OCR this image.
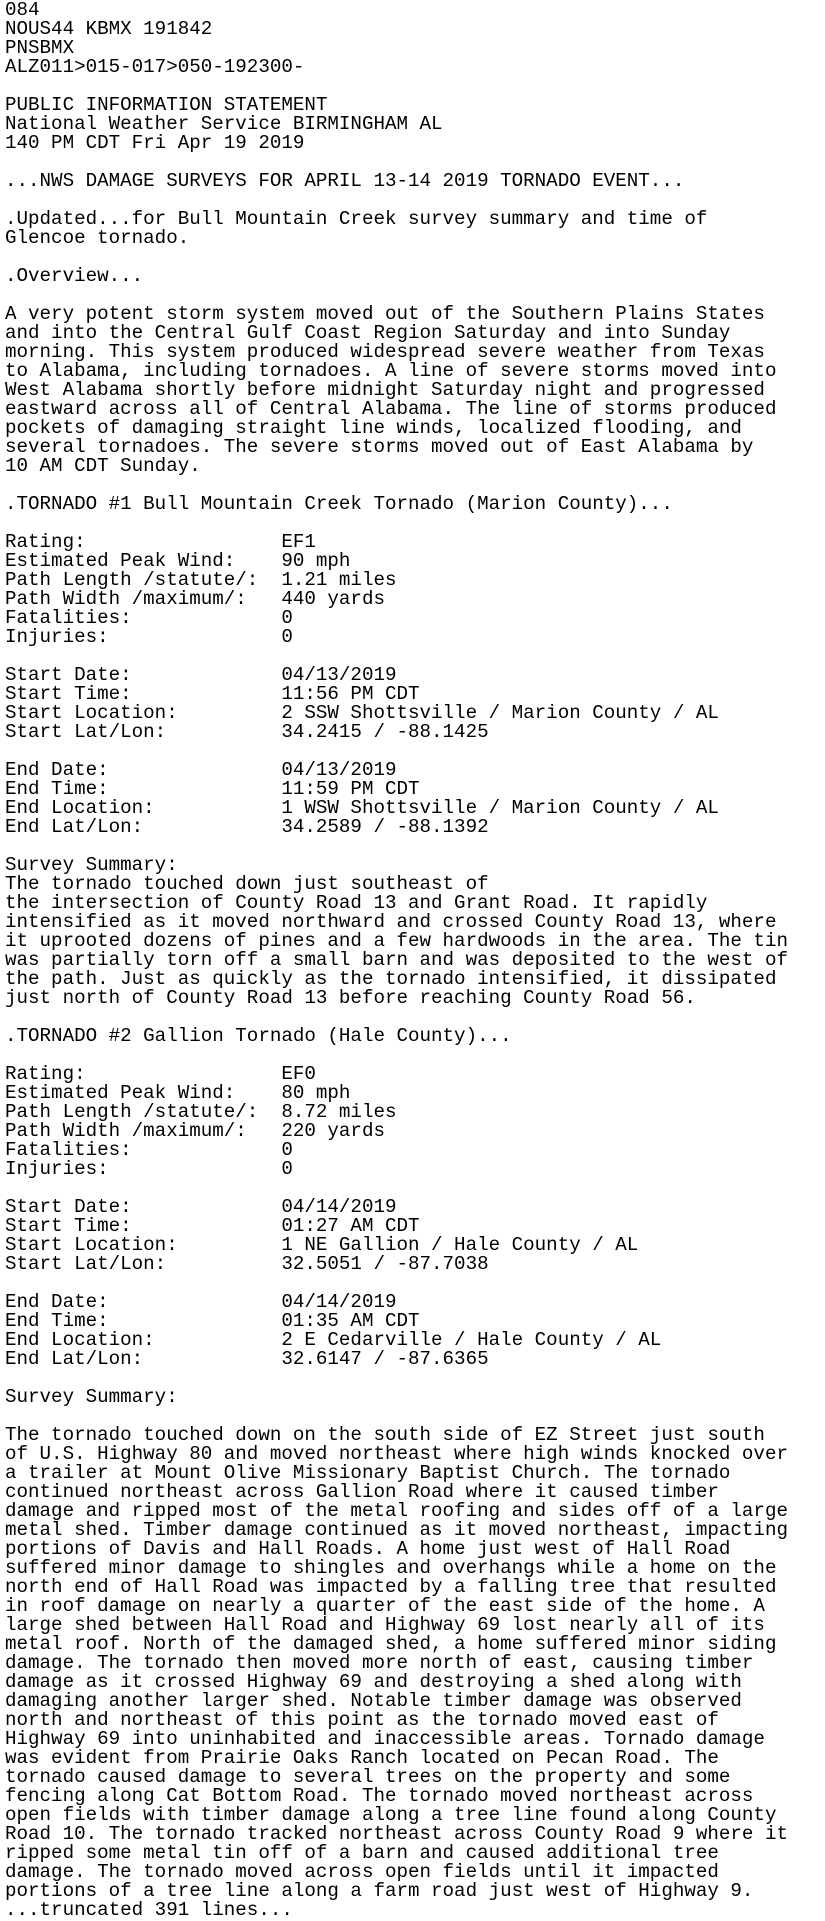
084
NOUS44 KBMX 191842
PNSBMX
ALZ011>015-017>050-192300-
PUBLIC INFORMATION STATEMENT
National Weather Service BIRMINGHAM AL
140 PM CDT Fri Apr 19 2019
...NWS DAMAGE SURVEYS FOR APRIL 13-14 2019 TORNADO EVENT...
.Updated...for Bull Mountain Creek survey summary and time of
Glencoe tornado.
.Overview...
A very potent storm system moved out of the Southern Plains States
and into the Central Gulf Coast Region Saturday and into Sunday
morning. This system produced widespread severe weather from Texas
to Alabama, including tornadoes. A line of severe storms moved into
West Alabama shortly before midnight Saturday night and progressed
eastward across all of Central Alabama. The line of storms produced
pockets of damaging straight line winds, localized flooding, and
several tornadoes. The severe storms moved out of East Alabama by
10 AM CDT Sunday.
.TORNADO #1 Bull Mountain Creek Tornado (Marion County)...
Rating:                 EF1
Estimated Peak Wind:    90 mph
Path Length /statute/:  1.21 miles
Path Width /maximum/:   440 yards
Fatalities:             0
Injuries:               0
Start Date:             04/13/2019
Start Time:             11:56 PM CDT
Start Location:         2 SSW Shottsville / Marion County / AL
Start Lat/Lon:          34.2415 / -88.1425
End Date:               04/13/2019
End Time:               11:59 PM CDT
End Location:           1 WSW Shottsville / Marion County / AL
End Lat/Lon:            34.2589 / -88.1392
Survey Summary:
The tornado touched down just southeast of
the intersection of County Road 13 and Grant Road. It rapidly
intensified as it moved northward and crossed County Road 13, where
it uprooted dozens of pines and a few hardwoods in the area. The tin
was partially torn off a small barn and was deposited to the west of
the path. Just as quickly as the tornado intensified, it dissipated
just north of County Road 13 before reaching County Road 56.
.TORNADO #2 Gallion Tornado (Hale County)...
Rating:                 EF0
Estimated Peak Wind:    80 mph
Path Length /statute/:  8.72 miles
Path Width /maximum/:   220 yards
Fatalities:             0
Injuries:               0
Start Date:             04/14/2019
Start Time:             01:27 AM CDT
Start Location:         1 NE Gallion / Hale County / AL
Start Lat/Lon:          32.5051 / -87.7038
End Date:               04/14/2019
End Time:               01:35 AM CDT
End Location:           2 E Cedarville / Hale County / AL
End Lat/Lon:            32.6147 / -87.6365
Survey Summary:
The tornado touched down on the south side of EZ Street just south
of U.S. Highway 80 and moved northeast where high winds knocked over
a trailer at Mount Olive Missionary Baptist Church. The tornado
continued northeast across Gallion Road where it caused timber
damage and ripped most of the metal roofing and sides off of a large
metal shed. Timber damage continued as it moved northeast, impacting
portions of Davis and Hall Roads. A home just west of Hall Road
suffered minor damage to shingles and overhangs while a home on the
north end of Hall Road was impacted by a falling tree that resulted
in roof damage on nearly a quarter of the east side of the home. A
large shed between Hall Road and Highway 69 lost nearly all of its
metal roof. North of the damaged shed, a home suffered minor siding
damage. The tornado then moved more north of east, causing timber
damage as it crossed Highway 69 and destroying a shed along with
damaging another larger shed. Notable timber damage was observed
north and northeast of this point as the tornado moved east of
Highway 69 into uninhabited and inaccessible areas. Tornado damage
was evident from Prairie Oaks Ranch located on Pecan Road. The
tornado caused damage to several trees on the property and some
fencing along Cat Bottom Road. The tornado moved northeast across
open fields with timber damage along a tree line found along County
Road 10. The tornado tracked northeast across County Road 9 where it
ripped some metal tin off of a barn and caused additional tree
damage. The tornado moved across open fields until it impacted
portions of a tree line along a farm road just west of Highway 9.
...truncated 391 lines...
